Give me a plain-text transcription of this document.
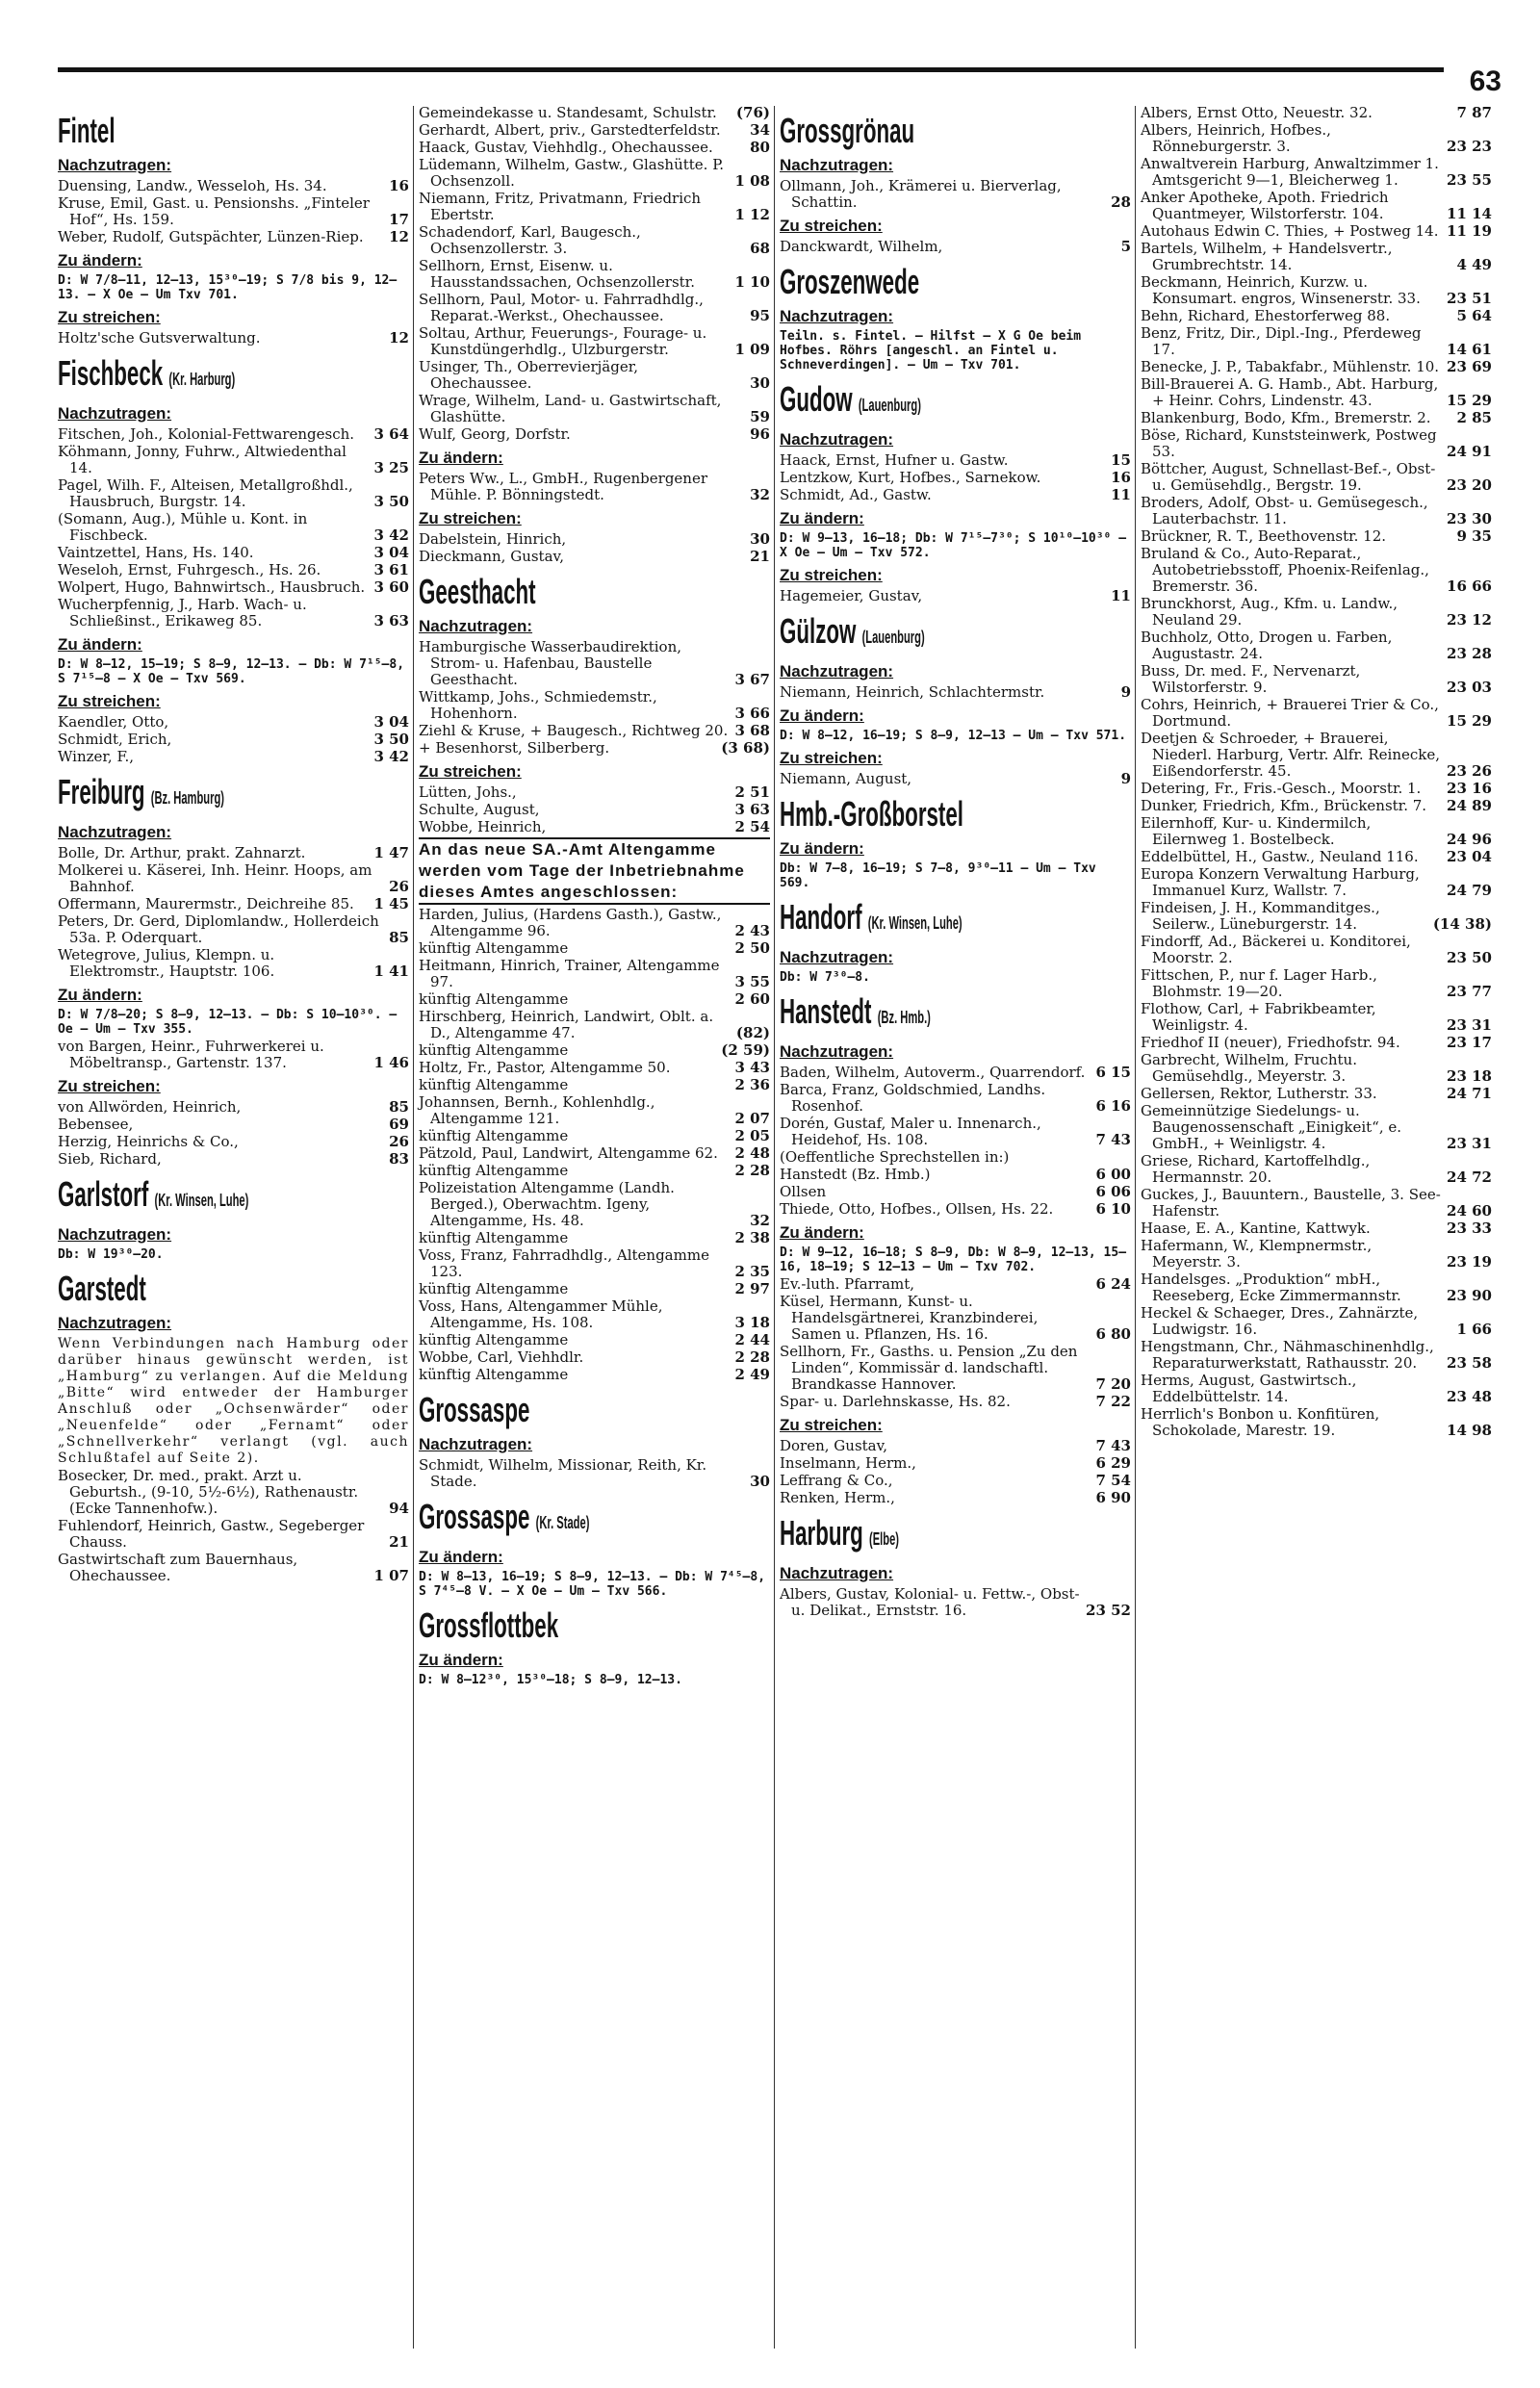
63
Fintel
Nachzutragen:
Duensing, Landw., Wesseloh, Hs. 34.	16
Kruse, Emil, Gast. u. Pensionshs. „Finteler Hof“, Hs. 159.	17
Weber, Rudolf, Gutspächter, Lünzen-Riep.	12
Zu ändern:
D: W 7/8—11, 12—13, 15³⁰—19; S 7/8 bis 9, 12—13. — X Oe — Um Txv 701.
Zu streichen:
Holtz'sche Gutsverwaltung.	12
Fischbeck (Kr. Harburg)
Nachzutragen:
Fitschen, Joh., Kolonial-Fettwarengesch.	3 64
Köhmann, Jonny, Fuhrw., Altwiedenthal 14.	3 25
Pagel, Wilh. F., Alteisen, Metallgroßhdl., Hausbruch, Burgstr. 14.	3 50
(Somann, Aug.), Mühle u. Kont. in Fischbeck.	3 42
Vaintzettel, Hans, Hs. 140.	3 04
Weseloh, Ernst, Fuhrgesch., Hs. 26.	3 61
Wolpert, Hugo, Bahnwirtsch., Hausbruch. 3 60
Wucherpfennig, J., Harb. Wach- u. Schließinst., Erikaweg 85.	3 63
Zu ändern:
D: W 8—12, 15—19; S 8—9, 12—13. — Db: W 7¹⁵—8, S 7¹⁵—8 — X Oe — Txv 569.
Zu streichen:
Kaendler, Otto,	3 04
Schmidt, Erich,	3 50
Winzer, F.,	3 42
Freiburg (Bz. Hamburg)
Nachzutragen:
Bolle, Dr. Arthur, prakt. Zahnarzt.	1 47
Molkerei u. Käserei, Inh. Heinr. Hoops, am Bahnhof.	26
Offermann, Maurermstr., Deichreihe 85.	1 45
Peters, Dr. Gerd, Diplomlandw., Hollerdeich 53a. P. Oderquart.	85
Wetegrove, Julius, Klempn. u. Elektromstr., Hauptstr. 106.	1 41
Zu ändern:
D: W 7/8—20; S 8—9, 12—13. — Db: S 10—10³⁰. — Oe — Um — Txv 355.
von Bargen, Heinr., Fuhrwerkerei u. Möbeltransp., Gartenstr. 137.	1 46
Zu streichen:
von Allwörden, Heinrich,	85
Bebensee,	69
Herzig, Heinrichs & Co.,	26
Sieb, Richard,	83
Garlstorf (Kr. Winsen, Luhe)
Nachzutragen:
Db: W 19³⁰—20.
Garstedt
Nachzutragen:
Wenn Verbindungen nach Hamburg oder darüber hinaus gewünscht werden, ist „Hamburg“ zu verlangen. Auf die Meldung „Bitte“ wird entweder der Hamburger Anschluß oder „Ochsenwärder“ oder „Neuenfelde“ oder „Fernamt“ oder „Schnellverkehr“ verlangt (vgl. auch Schlußtafel auf Seite 2).
Bosecker, Dr. med., prakt. Arzt u. Geburtsh., (9-10, 5½-6½), Rathenaustr. (Ecke Tannenhofw.).	94
Fuhlendorf, Heinrich, Gastw., Segeberger Chauss.	21
Gastwirtschaft zum Bauernhaus, Ohechaussee.	1 07
Gemeindekasse u. Standesamt, Schulstr.	(76)
Gerhardt, Albert, priv., Garstedterfeldstr.	34
Haack, Gustav, Viehhdlg., Ohechaussee.	80
Lüdemann, Wilhelm, Gastw., Glashütte. P. Ochsenzoll.	1 08
Niemann, Fritz, Privatmann, Friedrich Ebertstr.	1 12
Schadendorf, Karl, Baugesch., Ochsenzollerstr. 3.	68
Sellhorn, Ernst, Eisenw. u. Hausstandssachen, Ochsenzollerstr.	1 10
Sellhorn, Paul, Motor- u. Fahrradhdlg., Reparat.-Werkst., Ohechaussee.	95
Soltau, Arthur, Feuerungs-, Fourage- u. Kunstdüngerhdlg., Ulzburgerstr.	1 09
Usinger, Th., Oberrevierjäger, Ohechaussee.	30
Wrage, Wilhelm, Land- u. Gastwirtschaft, Glashütte.	59
Wulf, Georg, Dorfstr.	96
Zu ändern:
Peters Ww., L., GmbH., Rugenbergener Mühle. P. Bönningstedt.	32
Zu streichen:
Dabelstein, Hinrich,	30
Dieckmann, Gustav,	21
Geesthacht
Nachzutragen:
Hamburgische Wasserbaudirektion, Strom- u. Hafenbau, Baustelle Geesthacht.	3 67
Wittkamp, Johs., Schmiedemstr., Hohenhorn.	3 66
Ziehl & Kruse, + Baugesch., Richtweg 20. 3 68
+ Besenhorst, Silberberg.	(3 68)
Zu streichen:
Lütten, Johs.,	2 51
Schulte, August,	3 63
Wobbe, Heinrich,	2 54
An das neue SA.-Amt Altengamme werden vom Tage der Inbetriebnahme dieses Amtes angeschlossen:
Harden, Julius, (Hardens Gasth.), Gastw., Altengamme 96.	2 43
künftig Altengamme	2 50
Heitmann, Hinrich, Trainer, Altengamme 97.	3 55
künftig Altengamme	2 60
Hirschberg, Heinrich, Landwirt, Oblt. a. D., Altengamme 47.	(82)
künftig Altengamme	(2 59)
Holtz, Fr., Pastor, Altengamme 50.	3 43
künftig Altengamme	2 36
Johannsen, Bernh., Kohlenhdlg., Altengamme 121.	2 07
künftig Altengamme	2 05
Pätzold, Paul, Landwirt, Altengamme 62.	2 48
künftig Altengamme	2 28
Polizeistation Altengamme (Landh. Berged.), Oberwachtm. Igeny, Altengamme, Hs. 48.	32
künftig Altengamme	2 38
Voss, Franz, Fahrradhdlg., Altengamme 123.	2 35
künftig Altengamme	2 97
Voss, Hans, Altengammer Mühle, Altengamme, Hs. 108.	3 18
künftig Altengamme	2 44
Wobbe, Carl, Viehhdlr.	2 28
künftig Altengamme	2 49
Grossaspe
Nachzutragen:
Schmidt, Wilhelm, Missionar, Reith, Kr. Stade.	30
Grossaspe (Kr. Stade)
Zu ändern:
D: W 8—13, 16—19; S 8—9, 12—13. — Db: W 7⁴⁵—8, S 7⁴⁵—8 V. — X Oe — Um — Txv 566.
Grossflottbek
Zu ändern:
D: W 8—12³⁰, 15³⁰—18; S 8—9, 12—13.
Grossgrönau
Nachzutragen:
Ollmann, Joh., Krämerei u. Bierverlag, Schattin.	28
Zu streichen:
Danckwardt, Wilhelm,	5
Groszenwede
Nachzutragen:
Teiln. s. Fintel. — Hilfst — X G Oe beim Hofbes. Röhrs [angeschl. an Fintel u. Schneverdingen]. — Um — Txv 701.
Gudow (Lauenburg)
Nachzutragen:
Haack, Ernst, Hufner u. Gastw.	15
Lentzkow, Kurt, Hofbes., Sarnekow.	16
Schmidt, Ad., Gastw.	11
Zu ändern:
D: W 9—13, 16—18; Db: W 7¹⁵—7³⁰; S 10¹⁰—10³⁰ — X Oe — Um — Txv 572.
Zu streichen:
Hagemeier, Gustav,	11
Gülzow (Lauenburg)
Nachzutragen:
Niemann, Heinrich, Schlachtermstr.	9
Zu ändern:
D: W 8—12, 16—19; S 8—9, 12—13 — Um — Txv 571.
Zu streichen:
Niemann, August,	9
Hmb.-Großborstel
Zu ändern:
Db: W 7—8, 16—19; S 7—8, 9³⁰—11 — Um — Txv 569.
Handorf (Kr. Winsen, Luhe)
Nachzutragen:
Db: W 7³⁰—8.
Hanstedt (Bz. Hmb.)
Nachzutragen:
Baden, Wilhelm, Autoverm., Quarrendorf. 6 15
Barca, Franz, Goldschmied, Landhs. Rosenhof.	6 16
Dorén, Gustaf, Maler u. Innenarch., Heidehof, Hs. 108.	7 43
(Oeffentliche Sprechstellen in:)
Hanstedt (Bz. Hmb.)	6 00
Ollsen	6 06
Thiede, Otto, Hofbes., Ollsen, Hs. 22.	6 10
Zu ändern:
D: W 9—12, 16—18; S 8—9, Db: W 8—9, 12—13, 15—16, 18—19; S 12—13 — Um — Txv 702.
Ev.-luth. Pfarramt,	6 24
Küsel, Hermann, Kunst- u. Handelsgärtnerei, Kranzbinderei, Samen u. Pflanzen, Hs. 16.	6 80
Sellhorn, Fr., Gasths. u. Pension „Zu den Linden“, Kommissär d. landschaftl. Brandkasse Hannover.	7 20
Spar- u. Darlehnskasse, Hs. 82.	7 22
Zu streichen:
Doren, Gustav,	7 43
Inselmann, Herm.,	6 29
Leffrang & Co.,	7 54
Renken, Herm.,	6 90
Harburg (Elbe)
Nachzutragen:
Albers, Gustav, Kolonial- u. Fettw.-, Obst- u. Delikat., Ernststr. 16.	23 52
Albers, Ernst Otto, Neuestr. 32.	7 87
Albers, Heinrich, Hofbes., Rönneburgerstr. 3.	23 23
Anwaltverein Harburg, Anwaltzimmer 1. Amtsgericht 9—1, Bleicherweg 1.	23 55
Anker Apotheke, Apoth. Friedrich Quantmeyer, Wilstorferstr. 104.	11 14
Autohaus Edwin C. Thies, + Postweg 14. 11 19
Bartels, Wilhelm, + Handelsvertr., Grumbrechtstr. 14.	4 49
Beckmann, Heinrich, Kurzw. u. Konsumart. engros, Winsenerstr. 33.	23 51
Behn, Richard, Ehestorferweg 88.	5 64
Benz, Fritz, Dir., Dipl.-Ing., Pferdeweg 17.	14 61
Benecke, J. P., Tabakfabr., Mühlenstr. 10. 23 69
Bill-Brauerei A. G. Hamb., Abt. Harburg, + Heinr. Cohrs, Lindenstr. 43.	15 29
Blankenburg, Bodo, Kfm., Bremerstr. 2.	2 85
Böse, Richard, Kunststeinwerk, Postweg 53.	24 91
Böttcher, August, Schnellast-Bef.-, Obst- u. Gemüsehdlg., Bergstr. 19.	23 20
Broders, Adolf, Obst- u. Gemüsegesch., Lauterbachstr. 11.	23 30
Brückner, R. T., Beethovenstr. 12.	9 35
Bruland & Co., Auto-Reparat., Autobetriebsstoff, Phoenix-Reifenlag., Bremerstr. 36.	16 66
Brunckhorst, Aug., Kfm. u. Landw., Neuland 29.	23 12
Buchholz, Otto, Drogen u. Farben, Augustastr. 24.	23 28
Buss, Dr. med. F., Nervenarzt, Wilstorferstr. 9.	23 03
Cohrs, Heinrich, + Brauerei Trier & Co., Dortmund.	15 29
Deetjen & Schroeder, + Brauerei, Niederl. Harburg, Vertr. Alfr. Reinecke, Eißendorferstr. 45.	23 26
Detering, Fr., Fris.-Gesch., Moorstr. 1.	23 16
Dunker, Friedrich, Kfm., Brückenstr. 7.	24 89
Eilernhoff, Kur- u. Kindermilch, Eilernweg 1. Bostelbeck.	24 96
Eddelbüttel, H., Gastw., Neuland 116.	23 04
Europa Konzern Verwaltung Harburg, Immanuel Kurz, Wallstr. 7.	24 79
Findeisen, J. H., Kommanditges., Seilerw., Lüneburgerstr. 14.	(14 38)
Findorff, Ad., Bäckerei u. Konditorei, Moorstr. 2.	23 50
Fittschen, P., nur f. Lager Harb., Blohmstr. 19—20.	23 77
Flothow, Carl, + Fabrikbeamter, Weinligstr. 4.	23 31
Friedhof II (neuer), Friedhofstr. 94.	23 17
Garbrecht, Wilhelm, Fruchtu. Gemüsehdlg., Meyerstr. 3.	23 18
Gellersen, Rektor, Lutherstr. 33.	24 71
Gemeinnützige Siedelungs- u. Baugenossenschaft „Einigkeit“, e. GmbH., + Weinligstr. 4.	23 31
Griese, Richard, Kartoffelhdlg., Hermannstr. 20.	24 72
Guckes, J., Bauuntern., Baustelle, 3. See-Hafenstr.	24 60
Haase, E. A., Kantine, Kattwyk.	23 33
Hafermann, W., Klempnermstr., Meyerstr. 3.	23 19
Handelsges. „Produktion“ mbH., Reeseberg, Ecke Zimmermannstr.	23 90
Heckel & Schaeger, Dres., Zahnärzte, Ludwigstr. 16.	1 66
Hengstmann, Chr., Nähmaschinenhdlg., Reparaturwerkstatt, Rathausstr. 20.	23 58
Herms, August, Gastwirtsch., Eddelbüttelstr. 14.	23 48
Herrlich's Bonbon u. Konfitüren, Schokolade, Marestr. 19.	14 98
